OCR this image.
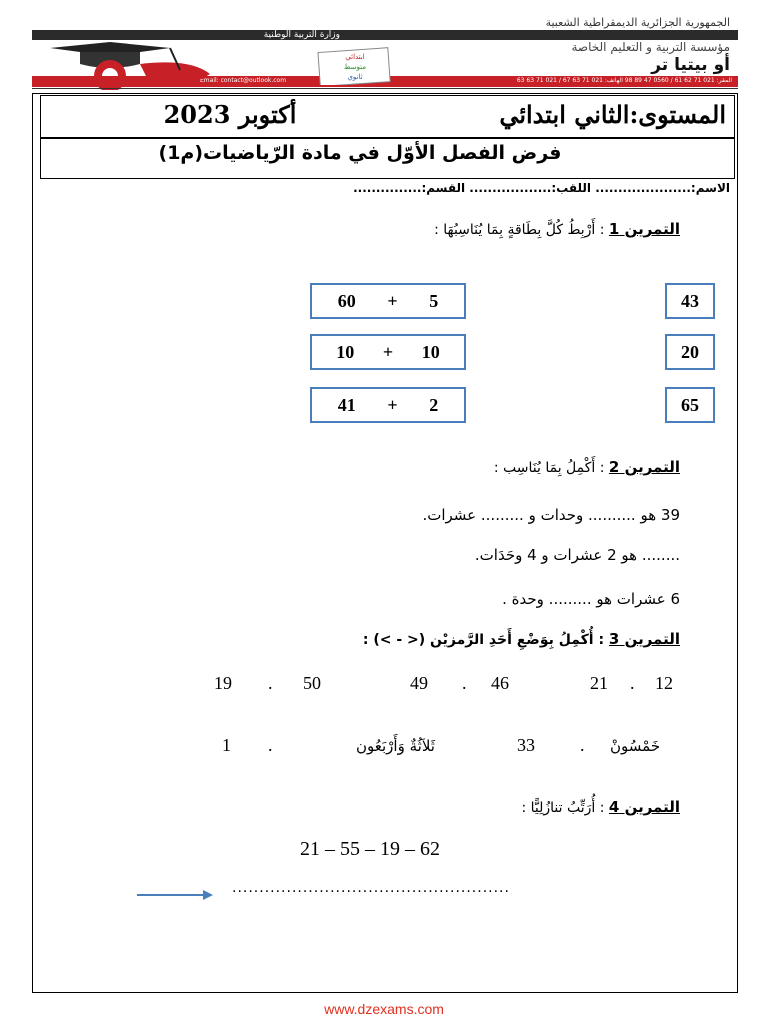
وزارة التربية الوطنية
الجمهورية الجزائرية الديمقراطية الشعبية
مؤسسة التربية و التعليم الخاصة
أو بيتيا تر
المقر: 021 71 62 61 / 0560 47 89 98 الهاتف: 021 71 63 67 / 021 71 63 63
Email: contact@outlook.com
ابتدائي
متوسط
ثانوي
المستوى:الثاني ابتدائي
أكتوبر 2023
فرض الفصل الأوّل في مادة الرّياضيات(م1)
الاسم:..................... اللقب:.................. القسم:...............
التمرين 1 : أَرْبِطُ كُلَّ بِطَاقةٍ بِمَا يُنَاسِبُهَا :
60 + 5
10 + 10
41 + 2
43
20
65
التمرين 2 : أَكْمِلُ بِمَا يُنَاسِب :
39 هو .......... وحدات و ......... عشرات.
........ هو 2 عشرات و 4 وحَدَات.
6 عشرات هو ......... وحدة .
التمرين 3 : أُكْمِلُ بِوَضْعِ أَحَدِ الرَّمزيْن (< - >) :
12
.
21
46
.
49
50
.
19
خَمْسُونْ
.
33
ثَلاَثُةٌ وَأَرْبَعُون
.
1
التمرين 4 : أُرَتِّبُ تنازُلِيًّا :
21 – 55 – 19 – 62
...................................................
www.dzexams.com
